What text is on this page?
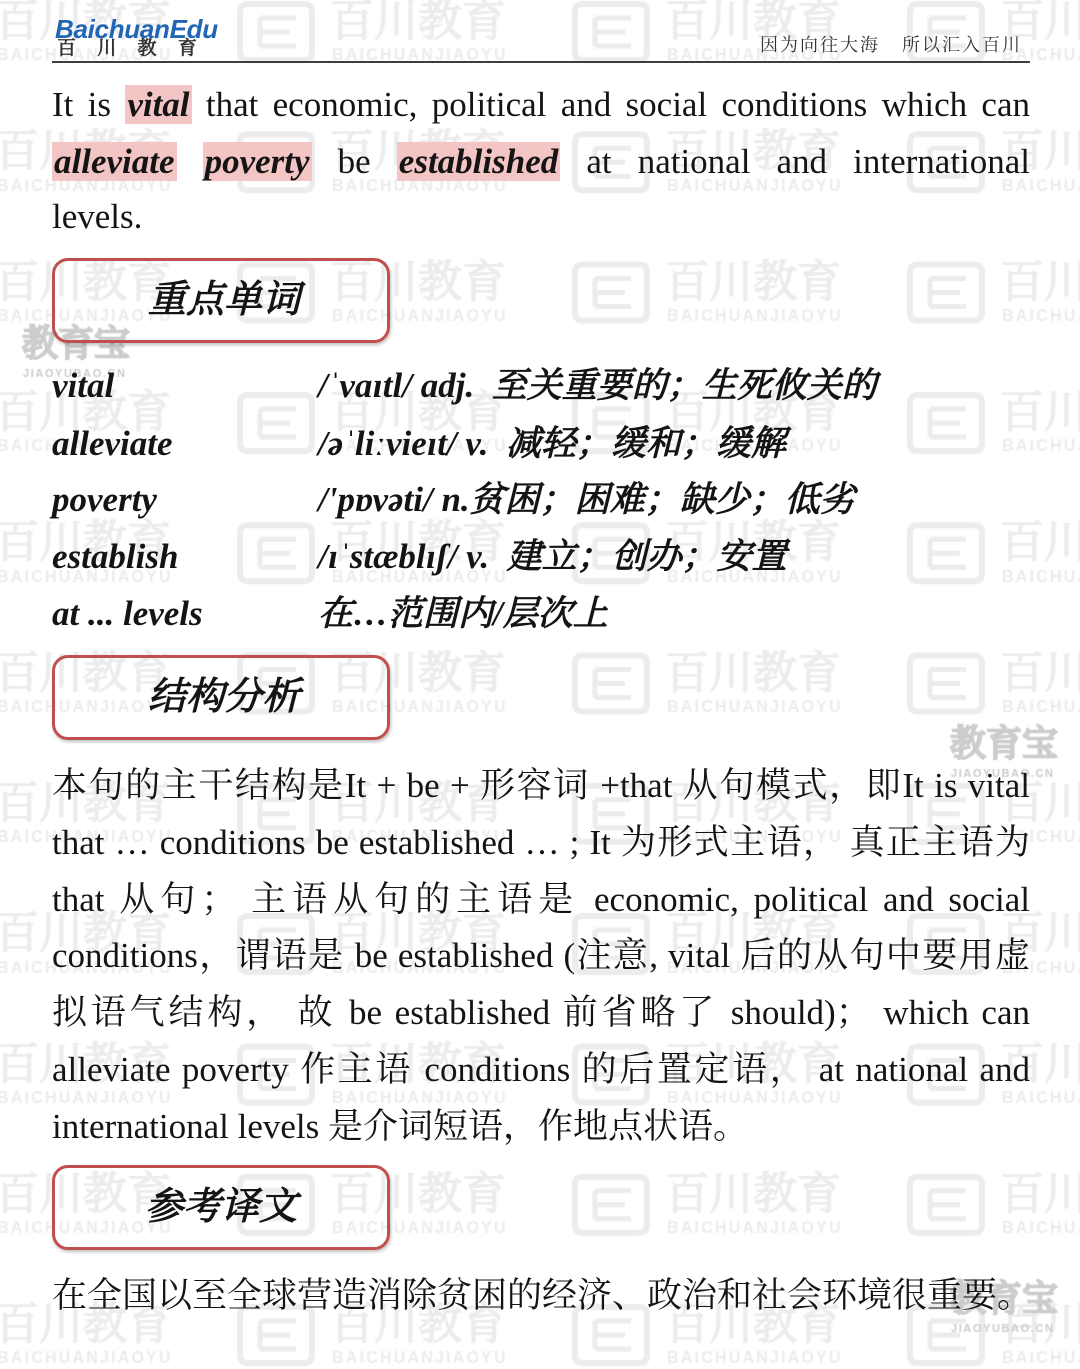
BaichuanEdu
百 川 教 育	因为向往大海 所以汇入百川
It is vital that economic, political and social conditions which can
alleviate poverty be established at national and international
levels.
重点单词
vital	/ˈvaɪtl/ adj.  至关重要的；生死攸关的
alleviate	/əˈliːvieɪt/ v.  减轻；缓和；缓解
poverty	/'pɒvəti/ n.贫困；困难；缺少；低劣
establish	/ɪˈstæblɪʃ/ v.  建立；创办；安置
at ... levels	在…范围内/层次上
结构分析
本句的主干结构是It + be + 形容词 +that 从句模式，即It is vital
that … conditions be established … ; It 为形式主语， 真正主语为
that 从句； 主语从句的主语是 economic, political and social
conditions，谓语是 be established (注意, vital 后的从句中要用虚
拟语气结构， 故 be established 前省略了 should)； which can
alleviate poverty 作主语 conditions 的后置定语， at national and
international levels 是介词短语，作地点状语。
参考译文
在全国以至全球营造消除贫困的经济、政治和社会环境很重要。
